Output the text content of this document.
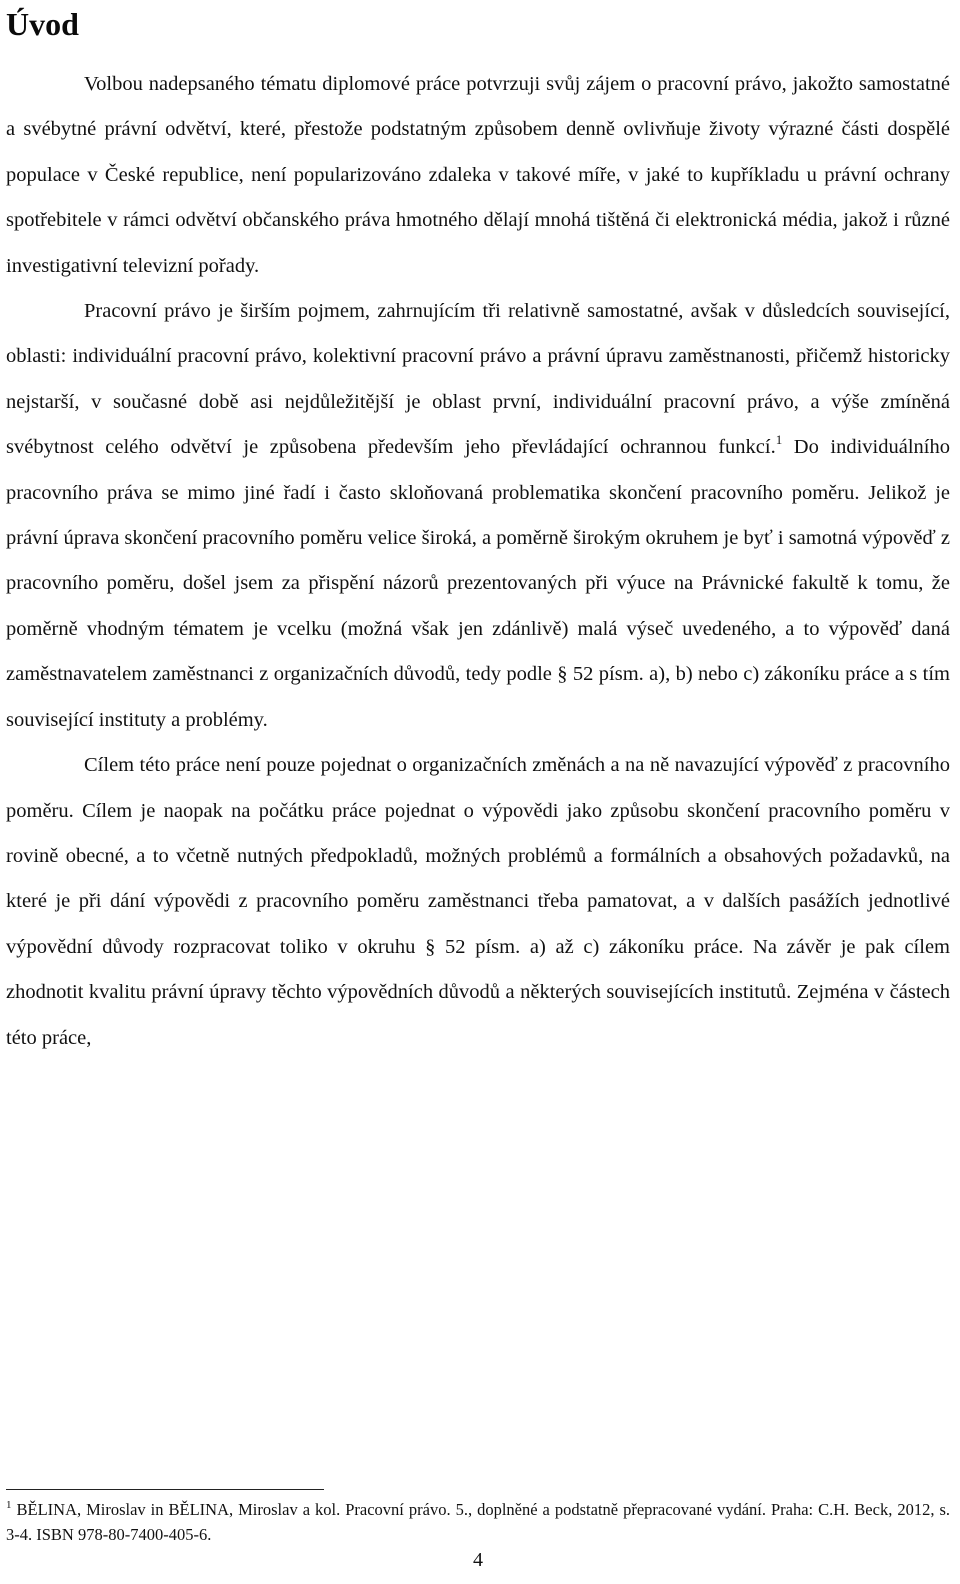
Úvod

Volbou nadepsaného tématu diplomové práce potvrzuji svůj zájem o pracovní právo, jakožto samostatné a svébytné právní odvětví, které, přestože podstatným způsobem denně ovlivňuje životy výrazné části dospělé populace v České republice, není popularizováno zdaleka v takové míře, v jaké to kupříkladu u právní ochrany spotřebitele v rámci odvětví občanského práva hmotného dělají mnohá tištěná či elektronická média, jakož i různé investigativní televizní pořady.

Pracovní právo je širším pojmem, zahrnujícím tři relativně samostatné, avšak v důsledcích související, oblasti: individuální pracovní právo, kolektivní pracovní právo a právní úpravu zaměstnanosti, přičemž historicky nejstarší, v současné době asi nejdůležitější je oblast první, individuální pracovní právo, a výše zmíněná svébytnost celého odvětví je způsobena především jeho převládající ochrannou funkcí.$^1$ Do individuálního pracovního práva se mimo jiné řadí i často skloňovaná problematika skončení pracovního poměru. Jelikož je právní úprava skončení pracovního poměru velice široká, a poměrně širokým okruhem je byť i samotná výpověď z pracovního poměru, došel jsem za přispění názorů prezentovaných při výuce na Právnické fakultě k tomu, že poměrně vhodným tématem je vcelku (možná však jen zdánlivě) malá výseč uvedeného, a to výpověď daná zaměstnavatelem zaměstnanci z organizačních důvodů, tedy podle § 52 písm. a), b) nebo c) zákoníku práce a s tím související instituty a problémy.

Cílem této práce není pouze pojednat o organizačních změnách a na ně navazující výpověď z pracovního poměru. Cílem je naopak na počátku práce pojednat o výpovědi jako způsobu skončení pracovního poměru v rovině obecné, a to včetně nutných předpokladů, možných problémů a formálních a obsahových požadavků, na které je při dání výpovědi z pracovního poměru zaměstnanci třeba pamatovat, a v dalších pasážích jednotlivé výpovědní důvody rozpracovat toliko v okruhu § 52 písm. a) až c) zákoníku práce. Na závěr je pak cílem zhodnotit kvalitu právní úpravy těchto výpovědních důvodů a některých souvisejících institutů. Zejména v částech této práce,

$^1$ BĚLINA, Miroslav in BĚLINA, Miroslav a kol. Pracovní právo. 5., doplněné a podstatně přepracované vydání. Praha: C.H. Beck, 2012, s. 3-4. ISBN 978-80-7400-405-6.

4
